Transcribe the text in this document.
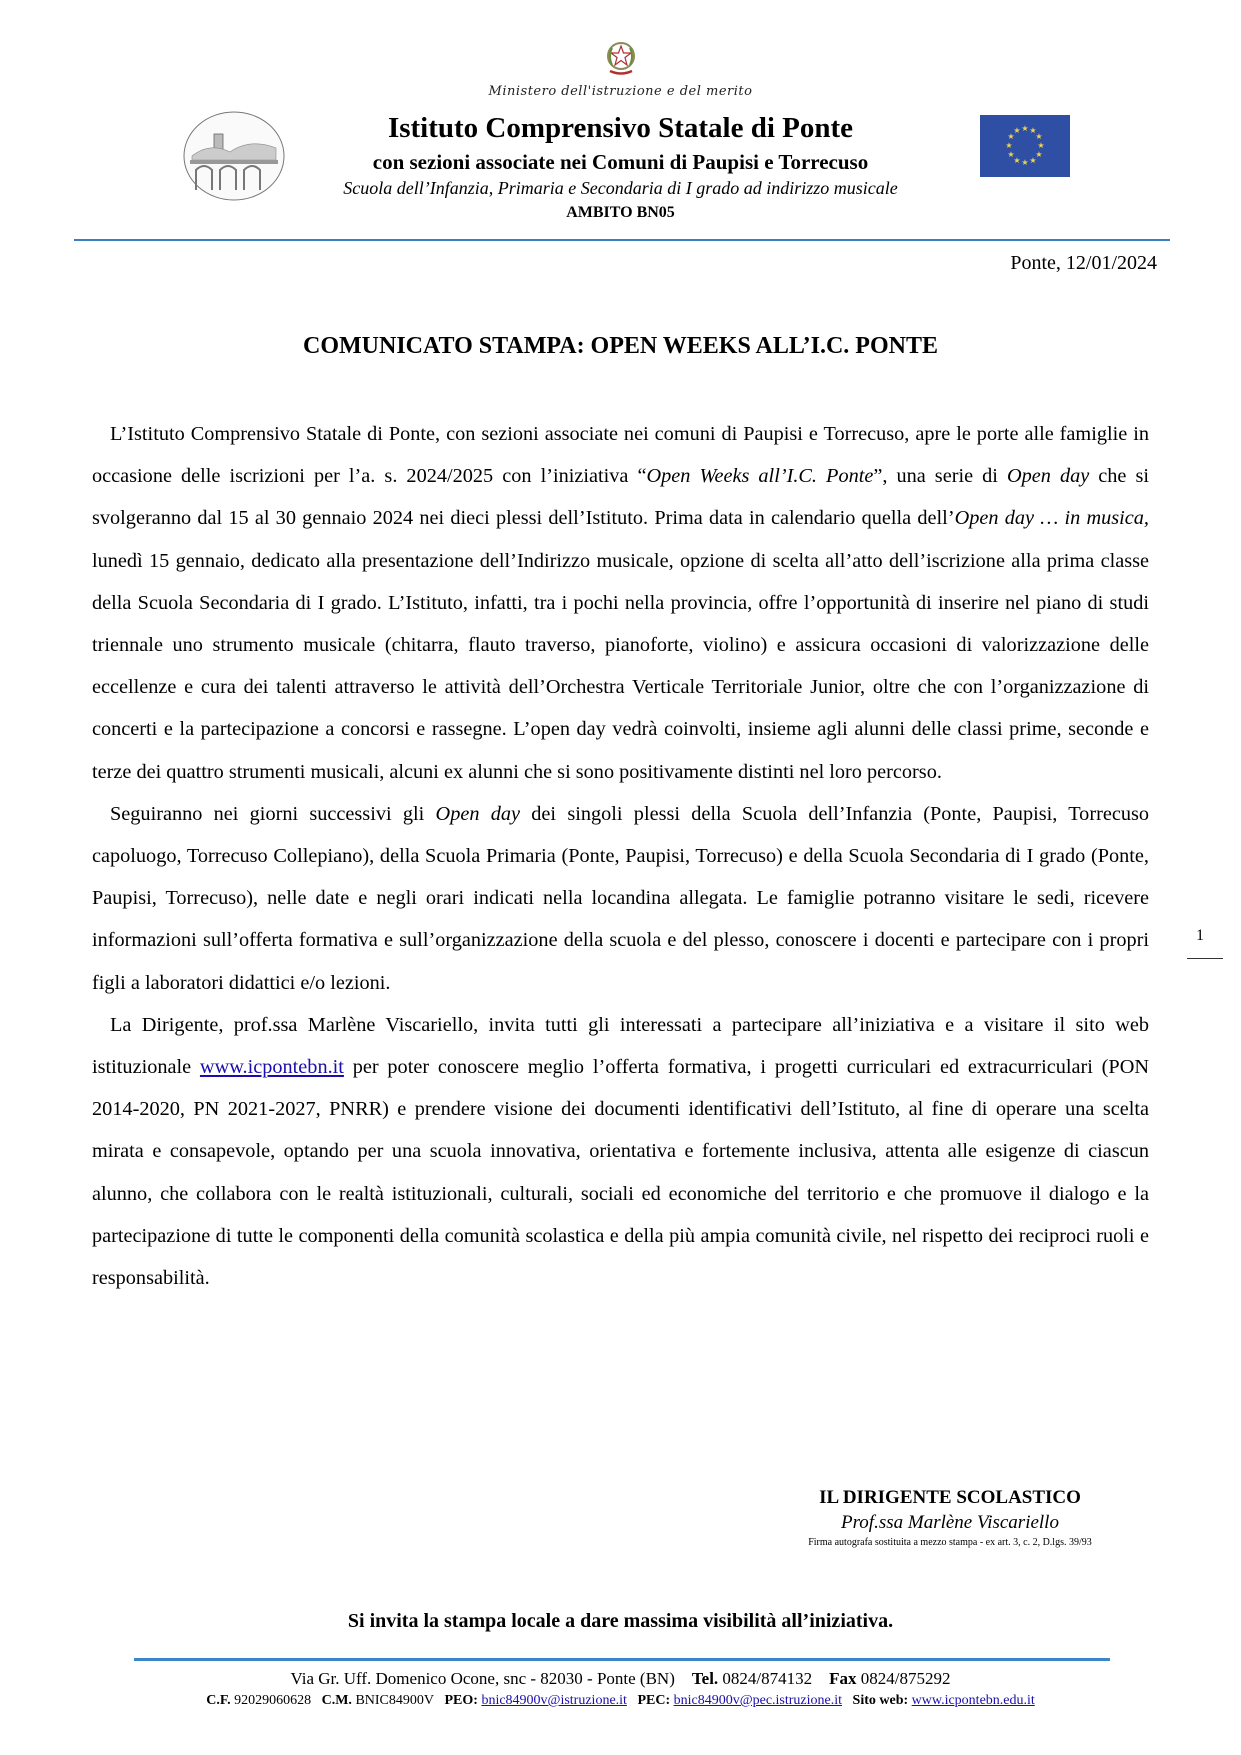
Ministero dell'istruzione e del merito
★ ★
★
★
★
★
★
★
★
★
★
★
Istituto Comprensivo Statale di Ponte
con sezioni associate nei Comuni di Paupisi e Torrecuso
Scuola dell’Infanzia, Primaria e Secondaria di I grado ad indirizzo musicale
AMBITO BN05
Ponte, 12/01/2024
COMUNICATO STAMPA: OPEN WEEKS ALL’I.C. PONTE

L’Istituto Comprensivo Statale di Ponte, con sezioni associate nei comuni di Paupisi e Torrecuso, apre le porte alle famiglie in occasione delle iscrizioni per l’a. s. 2024/2025 con l’iniziativa “Open Weeks all’I.C. Ponte”, una serie di Open day che si svolgeranno dal 15 al 30 gennaio 2024 nei dieci plessi dell’Istituto. Prima data in calendario quella dell’Open day … in musica, lunedì 15 gennaio, dedicato alla presentazione dell’Indirizzo musicale, opzione di scelta all’atto dell’iscrizione alla prima classe della Scuola Secondaria di I grado. L’Istituto, infatti, tra i pochi nella provincia, offre l’opportunità di inserire nel piano di studi triennale uno strumento musicale (chitarra, flauto traverso, pianoforte, violino) e assicura occasioni di valorizzazione delle eccellenze e cura dei talenti attraverso le attività dell’Orchestra Verticale Territoriale Junior, oltre che con l’organizzazione di concerti e la partecipazione a concorsi e rassegne. L’open day vedrà coinvolti, insieme agli alunni delle classi prime, seconde e terze dei quattro strumenti musicali, alcuni ex alunni che si sono positivamente distinti nel loro percorso.

Seguiranno nei giorni successivi gli Open day dei singoli plessi della Scuola dell’Infanzia (Ponte, Paupisi, Torrecuso capoluogo, Torrecuso Collepiano), della Scuola Primaria (Ponte, Paupisi, Torrecuso) e della Scuola Secondaria di I grado (Ponte, Paupisi, Torrecuso), nelle date e negli orari indicati nella locandina allegata. Le famiglie potranno visitare le sedi, ricevere informazioni sull’offerta formativa e sull’organizzazione della scuola e del plesso, conoscere i docenti e partecipare con i propri figli a laboratori didattici e/o lezioni.

La Dirigente, prof.ssa Marlène Viscariello, invita tutti gli interessati a partecipare all’iniziativa e a visitare il sito web istituzionale www.icpontebn.it per poter conoscere meglio l’offerta formativa, i progetti curriculari ed extracurriculari (PON 2014-2020, PN 2021-2027, PNRR) e prendere visione dei documenti identificativi dell’Istituto, al fine di operare una scelta mirata e consapevole, optando per una scuola innovativa, orientativa e fortemente inclusiva, attenta alle esigenze di ciascun alunno, che collabora con le realtà istituzionali, culturali, sociali ed economiche del territorio e che promuove il dialogo e la partecipazione di tutte le componenti della comunità scolastica e della più ampia comunità civile, nel rispetto dei reciproci ruoli e responsabilità.

1
IL DIRIGENTE SCOLASTICO
Prof.ssa Marlène Viscariello
Firma autografa sostituita a mezzo stampa - ex art. 3, c. 2, D.lgs. 39/93
Si invita la stampa locale a dare massima visibilità all’iniziativa.
Via Gr. Uff. Domenico Ocone, snc - 82030 - Ponte (BN) Tel. 0824/874132 Fax 0824/875292
C.F. 92029060628 C.M. BNIC84900V PEO: bnic84900v@istruzione.it PEC: bnic84900v@pec.istruzione.it Sito web: www.icpontebn.edu.it
